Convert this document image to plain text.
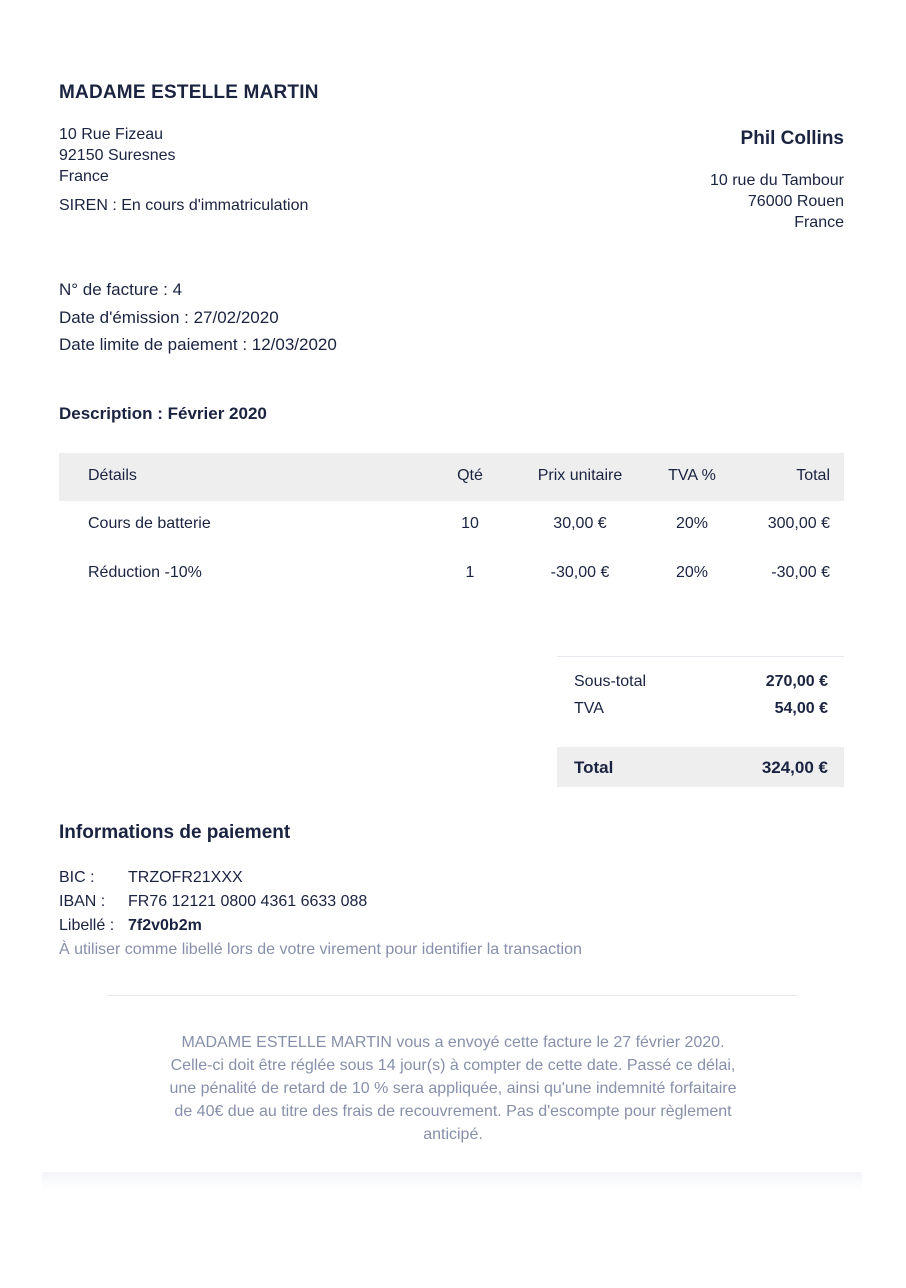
MADAME ESTELLE MARTIN
10 Rue Fizeau
92150 Suresnes
France
SIREN : En cours d'immatriculation
Phil Collins
10 rue du Tambour
76000 Rouen
France
N° de facture : 4
Date d'émission : 27/02/2020
Date limite de paiement : 12/03/2020
Description : Février 2020
Détails	Qté	Prix unitaire	TVA %	Total
Cours de batterie	10	30,00 €	20%	300,00 €
Réduction -10%	1	-30,00 €	20%	-30,00 €
Sous-total	270,00 €
TVA	54,00 €
Total	324,00 €
Informations de paiement
BIC : TRZOFR21XXX
IBAN : FR76 12121 0800 4361 6633 088
Libellé : 7f2v0b2m
À utiliser comme libellé lors de votre virement pour identifier la transaction
MADAME ESTELLE MARTIN vous a envoyé cette facture le 27 février 2020.
Celle-ci doit être réglée sous 14 jour(s) à compter de cette date. Passé ce délai,
une pénalité de retard de 10 % sera appliquée, ainsi qu'une indemnité forfaitaire
de 40€ due au titre des frais de recouvrement. Pas d'escompte pour règlement
anticipé.
